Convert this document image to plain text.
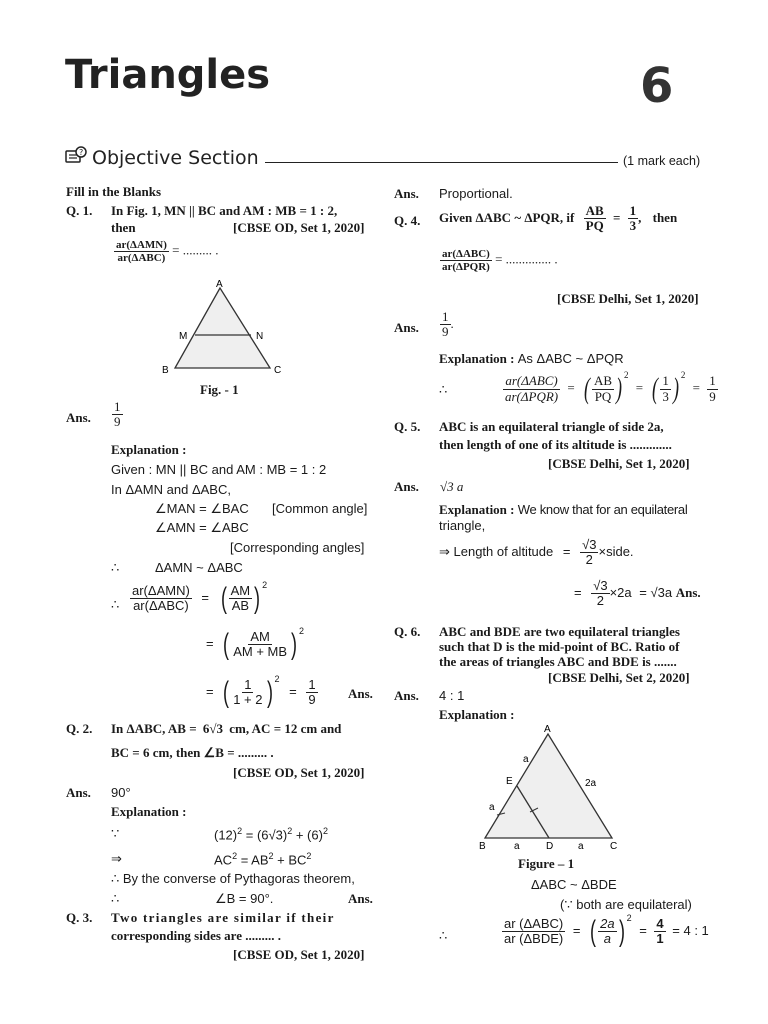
Triangles	6
? Objective Section	(1 mark each)
Fill in the Blanks
Q. 1. In Fig. 1, MN || BC and AM : MB = 1 : 2,
then	[CBSE OD, Set 1, 2020]
$\frac{\text{ar(ΔAMN)}}{\text{ar(ΔABC)}}$ = ......... .
A
M	N
B	C
Fig. - 1
Ans. $\frac{1}{9}$
Explanation :
Given : MN || BC and AM : MB = 1 : 2
In ΔAMN and ΔABC,
∠MAN = ∠BAC [Common angle]
∠AMN = ∠ABC
[Corresponding angles]
∴	ΔAMN ~ ΔABC
∴ $\frac{\text{ar(ΔAMN)}}{\text{ar(ΔABC)}}$ = ( $\frac{AM}{AB}$ ) $^2$
= ( $\frac{AM}{AM + MB}$ ) $^2$
= ( $\frac{1}{1 + 2}$ ) $^2 = \frac{1}{9}$ Ans.
Q. 2. In ΔABC, AB = 6√3 cm, AC = 12 cm and
BC = 6 cm, then ∠B = ......... .
[CBSE OD, Set 1, 2020]
Ans. 90°
Explanation :
∵	$(12)^2 = (6√3)^2 + (6)^2$
⇒	$AC^2 = AB^2 + BC^2$
∴ By the converse of Pythagoras theorem,
∴	∠B = 90°.	Ans.
Q. 3. Two triangles are similar if their
corresponding sides are ......... .
[CBSE OD, Set 1, 2020]
Ans. Proportional.
Q. 4. Given ΔABC ~ ΔPQR, if $\frac{AB}{PQ} = \frac{1}{3}$ , then
$\frac{\text{ar(ΔABC)}}{\text{ar(ΔPQR)}}$ = .............. .
[CBSE Delhi, Set 1, 2020]
Ans. $\frac{1}{9}$ .
Explanation : As ΔABC ~ ΔPQR
∴	$\frac{\text{ar(ΔABC)}}{\text{ar(ΔPQR)}}$ = ( $\frac{AB}{PQ}$ ) $^2$ = ( $\frac{1}{3}$ ) $^2 = \frac{1}{9}$
Q. 5. ABC is an equilateral triangle of side 2a,
then length of one of its altitude is .............
[CBSE Delhi, Set 1, 2020]
Ans. √3 a
Explanation : We know that for an equilateral
triangle,
⇒ Length of altitude = $\frac{√3}{2}$ ×side.
= $\frac{√3}{2} \times 2a = √3a$ Ans.
Q. 6. ABC and BDE are two equilateral triangles
such that D is the mid-point of BC. Ratio of
the areas of triangles ABC and BDE is .......
[CBSE Delhi, Set 2, 2020]
Ans. 4 : 1
Explanation :
A
E
B	D	C
a
2a
a
a	a
Figure – 1
ΔABC ~ ΔBDE
(∵ both are equilateral)
∴	$\frac{\text{ar (ΔABC)}}{\text{ar (ΔBDE)}}$ = ( $\frac{2a}{a}$ ) $^2 = \frac{4}{1} = 4$ : 1
